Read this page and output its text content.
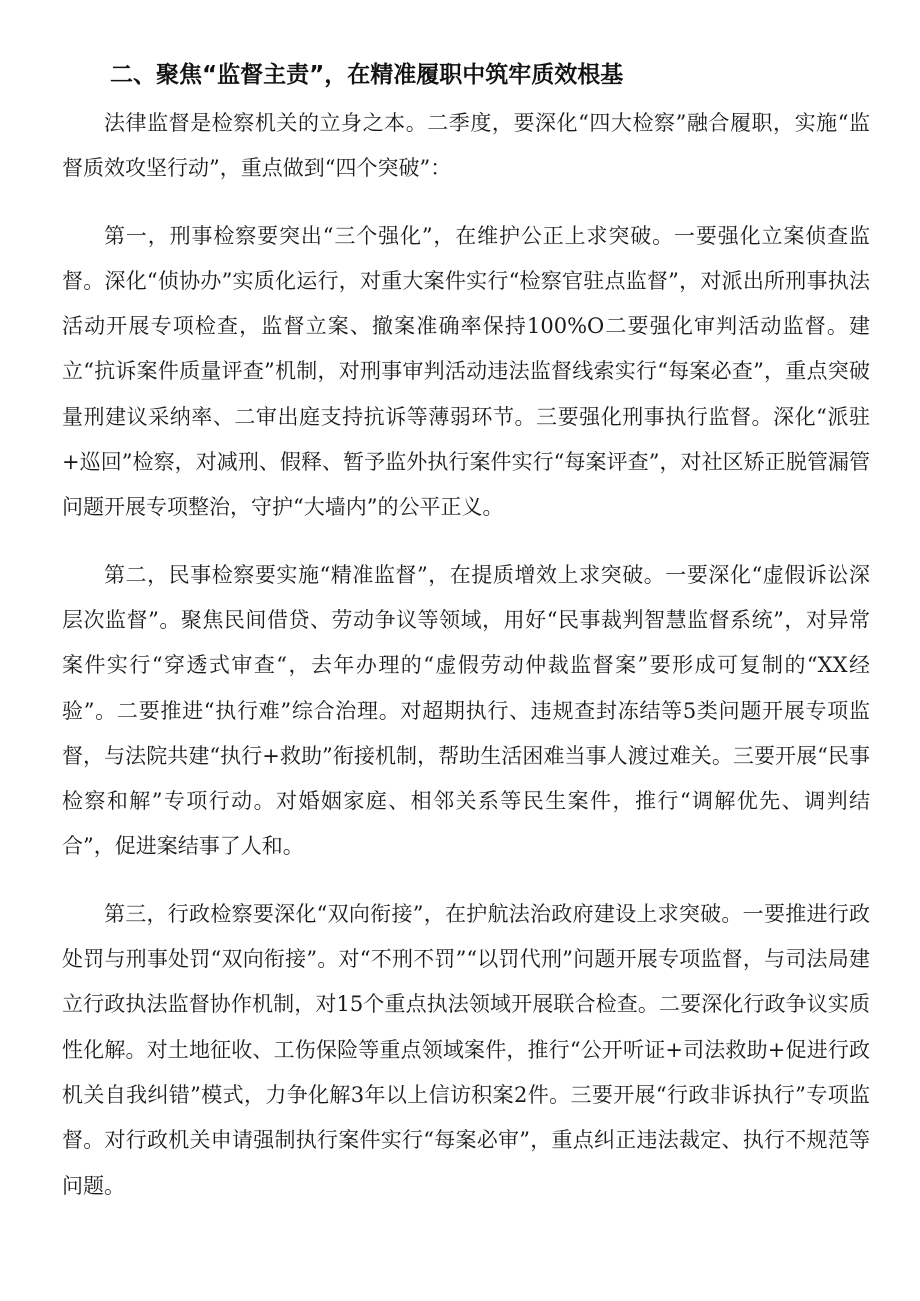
二、聚焦“监督主责”，在精准履职中筑牢质效根基

法律监督是检察机关的立身之本。二季度，要深化“四大检察”融合履职，实施“监督质效攻坚行动”，重点做到“四个突破”：

第一，刑事检察要突出“三个强化”，在维护公正上求突破。一要强化立案侦查监督。深化“侦协办”实质化运行，对重大案件实行“检察官驻点监督”，对派出所刑事执法活动开展专项检查，监督立案、撤案准确率保持100%O二要强化审判活动监督。建立“抗诉案件质量评查”机制，对刑事审判活动违法监督线索实行“每案必查”，重点突破量刑建议采纳率、二审出庭支持抗诉等薄弱环节。三要强化刑事执行监督。深化“派驻+巡回”检察，对减刑、假释、暂予监外执行案件实行“每案评查”，对社区矫正脱管漏管问题开展专项整治，守护“大墙内”的公平正义。

第二，民事检察要实施“精准监督”，在提质增效上求突破。一要深化“虚假诉讼深层次监督”。聚焦民间借贷、劳动争议等领域，用好“民事裁判智慧监督系统”，对异常案件实行“穿透式审查“，去年办理的“虚假劳动仲裁监督案”要形成可复制的“XX经验”。二要推进“执行难”综合治理。对超期执行、违规查封冻结等5类问题开展专项监督，与法院共建“执行+救助”衔接机制，帮助生活困难当事人渡过难关。三要开展“民事检察和解”专项行动。对婚姻家庭、相邻关系等民生案件，推行“调解优先、调判结合”，促进案结事了人和。

第三，行政检察要深化“双向衔接”，在护航法治政府建设上求突破。一要推进行政处罚与刑事处罚“双向衔接”。对“不刑不罚”“以罚代刑”问题开展专项监督，与司法局建立行政执法监督协作机制，对15个重点执法领域开展联合检查。二要深化行政争议实质性化解。对土地征收、工伤保险等重点领域案件，推行“公开听证+司法救助+促进行政机关自我纠错”模式，力争化解3年以上信访积案2件。三要开展“行政非诉执行”专项监督。对行政机关申请强制执行案件实行“每案必审”，重点纠正违法裁定、执行不规范等问题。
